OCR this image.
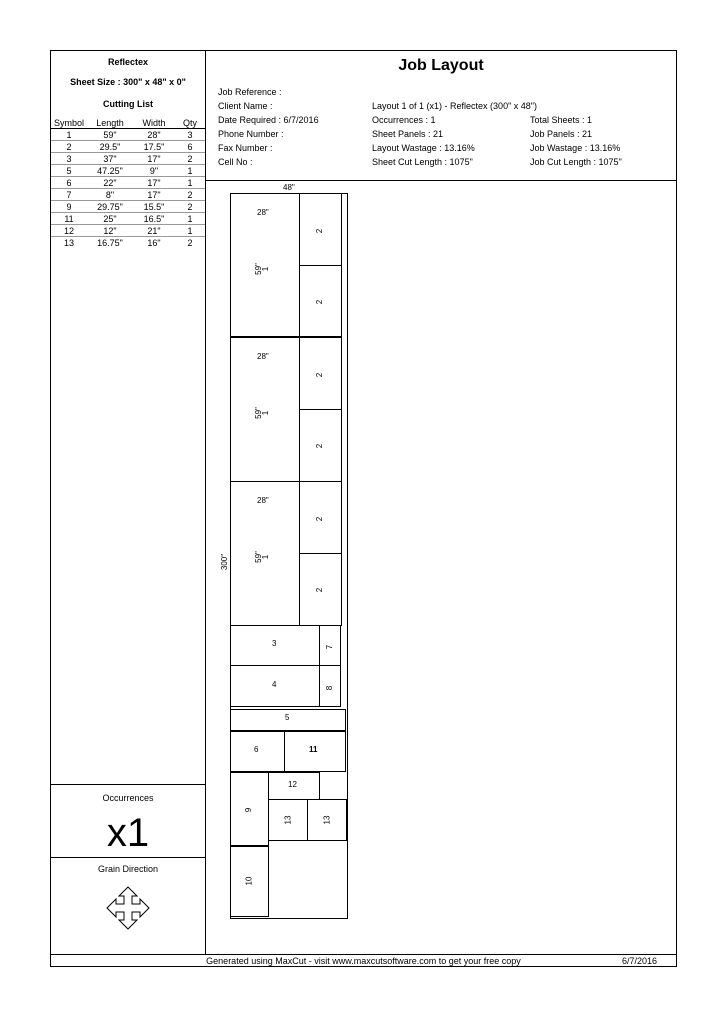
Reflectex
Sheet Size : 300" x 48" x 0"
Cutting List
Symbol	Length	Width	Qty
1	59"	28"	3
2	29.5"	17.5"	6
3	37"	17"	2
5	47.25"	9"	1
6	22"	17"	1
7	8"	17"	2
9	29.75"	15.5"	2
11	25"	16.5"	1
12	12"	21"	1
13	16.75"	16"	2
Occurrences
x1
Grain Direction
Job Layout
Job Reference :
Client Name :
Date Required : 6/7/2016
Phone Number :
Fax Number :
Cell No :
Layout 1 of 1 (x1) - Reflectex (300" x 48")
Occurrences : 1
Sheet Panels : 21
Layout Wastage : 13.16%
Sheet Cut Length : 1075"
Total Sheets : 1
Job Panels : 21
Job Wastage : 13.16%
Job Cut Length : 1075"
48"
300"
28"
59"
1
2
2
28"
59"
1
2
2
28"
59"
1
2
2
3	7
4	8
5
6	11
9
12
13	13
10
Generated using MaxCut - visit www.maxcutsoftware.com to get your free copy	6/7/2016
